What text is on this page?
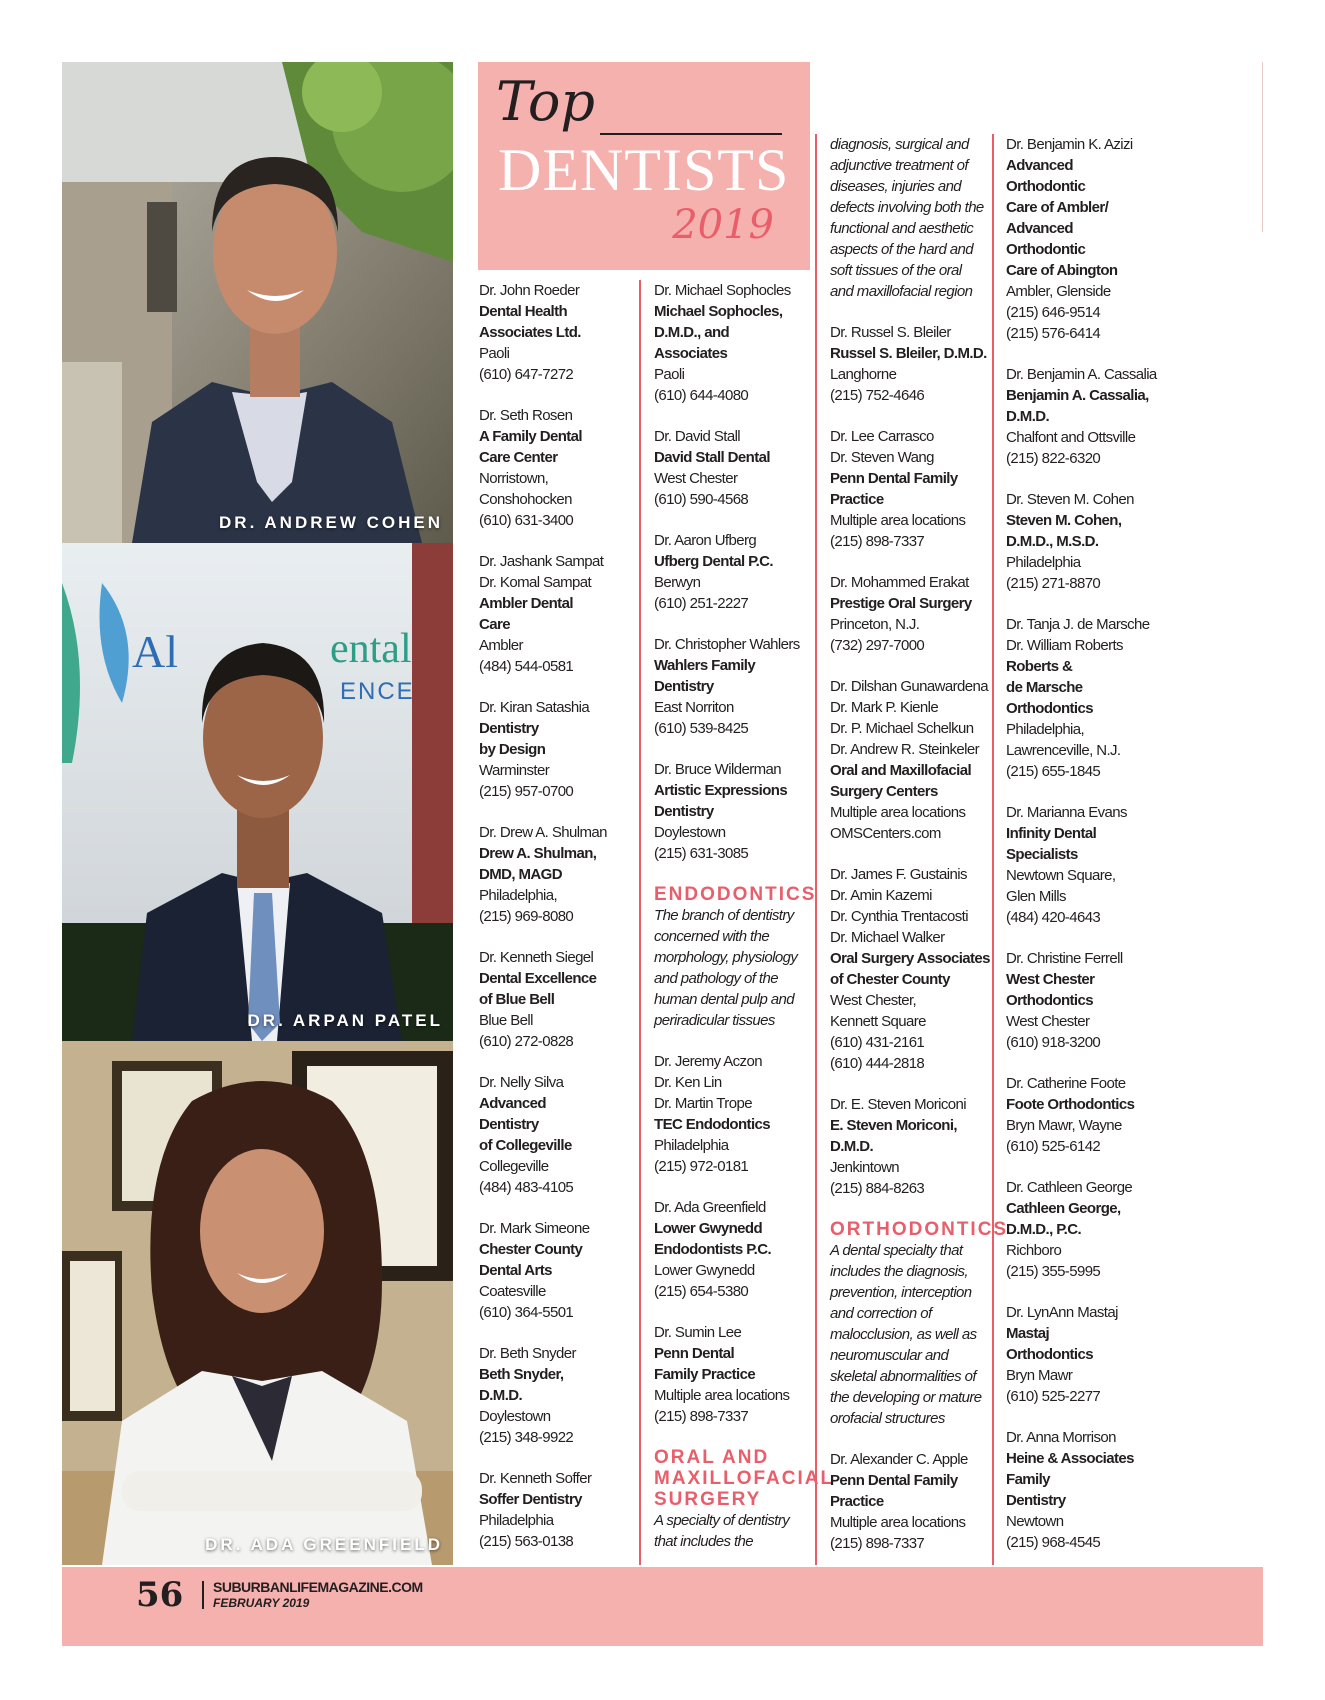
DR. ANDREW COHEN
Al	ental
ENCE
DR. ARPAN PATEL
DR. ADA GREENFIELD
Top
DENTISTS
2019
Dr. John Roeder
Dental Health
Associates Ltd.
Paoli
(610) 647-7272
Dr. Seth Rosen
A Family Dental
Care Center
Norristown,
Conshohocken
(610) 631-3400
Dr. Jashank Sampat
Dr. Komal Sampat
Ambler Dental
Care
Ambler
(484) 544-0581
Dr. Kiran Satashia
Dentistry
by Design
Warminster
(215) 957-0700
Dr. Drew A. Shulman
Drew A. Shulman,
DMD, MAGD
Philadelphia,
(215) 969-8080
Dr. Kenneth Siegel
Dental Excellence
of Blue Bell
Blue Bell
(610) 272-0828
Dr. Nelly Silva
Advanced
Dentistry
of Collegeville
Collegeville
(484) 483-4105
Dr. Mark Simeone
Chester County
Dental Arts
Coatesville
(610) 364-5501
Dr. Beth Snyder
Beth Snyder,
D.M.D.
Doylestown
(215) 348-9922
Dr. Kenneth Soffer
Soffer Dentistry
Philadelphia
(215) 563-0138
Dr. Michael Sophocles
Michael Sophocles,
D.M.D., and
Associates
Paoli
(610) 644-4080
Dr. David Stall
David Stall Dental
West Chester
(610) 590-4568
Dr. Aaron Ufberg
Ufberg Dental P.C.
Berwyn
(610) 251-2227
Dr. Christopher Wahlers
Wahlers Family
Dentistry
East Norriton
(610) 539-8425
Dr. Bruce Wilderman
Artistic Expressions
Dentistry
Doylestown
(215) 631-3085
ENDODONTICS
The branch of dentistry
concerned with the
morphology, physiology
and pathology of the
human dental pulp and
periradicular tissues
Dr. Jeremy Aczon
Dr. Ken Lin
Dr. Martin Trope
TEC Endodontics
Philadelphia
(215) 972-0181
Dr. Ada Greenfield
Lower Gwynedd
Endodontists P.C.
Lower Gwynedd
(215) 654-5380
Dr. Sumin Lee
Penn Dental
Family Practice
Multiple area locations
(215) 898-7337
ORAL AND
MAXILLOFACIAL
SURGERY
A specialty of dentistry
that includes the
diagnosis, surgical and
adjunctive treatment of
diseases, injuries and
defects involving both the
functional and aesthetic
aspects of the hard and
soft tissues of the oral
and maxillofacial region
Dr. Russel S. Bleiler
Russel S. Bleiler, D.M.D.
Langhorne
(215) 752-4646
Dr. Lee Carrasco
Dr. Steven Wang
Penn Dental Family
Practice
Multiple area locations
(215) 898-7337
Dr. Mohammed Erakat
Prestige Oral Surgery
Princeton, N.J.
(732) 297-7000
Dr. Dilshan Gunawardena
Dr. Mark P. Kienle
Dr. P. Michael Schelkun
Dr. Andrew R. Steinkeler
Oral and Maxillofacial
Surgery Centers
Multiple area locations
OMSCenters.com
Dr. James F. Gustainis
Dr. Amin Kazemi
Dr. Cynthia Trentacosti
Dr. Michael Walker
Oral Surgery Associates
of Chester County
West Chester,
Kennett Square
(610) 431-2161
(610) 444-2818
Dr. E. Steven Moriconi
E. Steven Moriconi,
D.M.D.
Jenkintown
(215) 884-8263
ORTHODONTICS
A dental specialty that
includes the diagnosis,
prevention, interception
and correction of
malocclusion, as well as
neuromuscular and
skeletal abnormalities of
the developing or mature
orofacial structures
Dr. Alexander C. Apple
Penn Dental Family
Practice
Multiple area locations
(215) 898-7337
Dr. Benjamin K. Azizi
Advanced
Orthodontic
Care of Ambler/
Advanced
Orthodontic
Care of Abington
Ambler, Glenside
(215) 646-9514
(215) 576-6414
Dr. Benjamin A. Cassalia
Benjamin A. Cassalia,
D.M.D.
Chalfont and Ottsville
(215) 822-6320
Dr. Steven M. Cohen
Steven M. Cohen,
D.M.D., M.S.D.
Philadelphia
(215) 271-8870
Dr. Tanja J. de Marsche
Dr. William Roberts
Roberts &
de Marsche
Orthodontics
Philadelphia,
Lawrenceville, N.J.
(215) 655-1845
Dr. Marianna Evans
Infinity Dental
Specialists
Newtown Square,
Glen Mills
(484) 420-4643
Dr. Christine Ferrell
West Chester
Orthodontics
West Chester
(610) 918-3200
Dr. Catherine Foote
Foote Orthodontics
Bryn Mawr, Wayne
(610) 525-6142
Dr. Cathleen George
Cathleen George,
D.M.D., P.C.
Richboro
(215) 355-5995
Dr. LynAnn Mastaj
Mastaj
Orthodontics
Bryn Mawr
(610) 525-2277
Dr. Anna Morrison
Heine & Associates
Family
Dentistry
Newtown
(215) 968-4545
56 SUBURBANLIFEMAGAZINE.COM
FEBRUARY 2019
